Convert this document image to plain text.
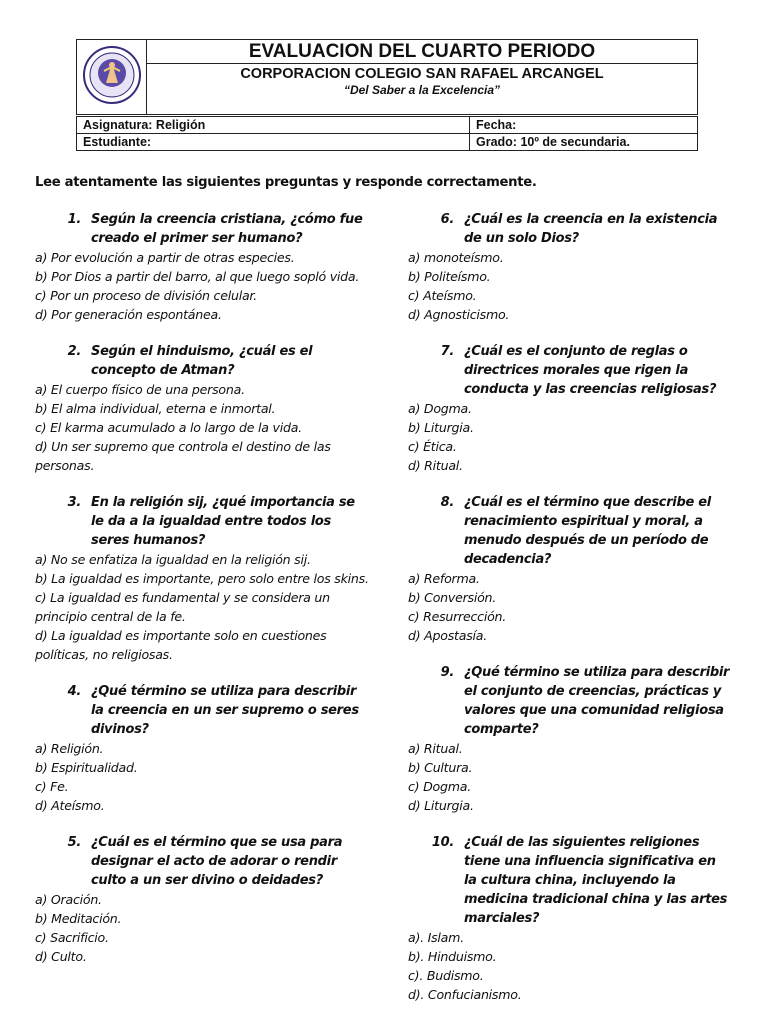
EVALUACION DEL CUARTO PERIODO
CORPORACION COLEGIO SAN RAFAEL ARCANGEL
“Del Saber a la Excelencia”
Asignatura: Religión	Fecha:
Estudiante:	Grado: 10º de secundaria.
Lee atentamente las siguientes preguntas y responde correctamente.
1. Según la creencia cristiana, ¿cómo fue creado el primer ser humano?
a) Por evolución a partir de otras especies.
b) Por Dios a partir del barro, al que luego sopló vida.
c) Por un proceso de división celular.
d) Por generación espontánea.
2. Según el hinduismo, ¿cuál es el concepto de Atman?
a) El cuerpo físico de una persona.
b) El alma individual, eterna e inmortal.
c) El karma acumulado a lo largo de la vida.
d) Un ser supremo que controla el destino de las personas.
3. En la religión sij, ¿qué importancia se le da a la igualdad entre todos los seres humanos?
a) No se enfatiza la igualdad en la religión sij.
b) La igualdad es importante, pero solo entre los skins.
c) La igualdad es fundamental y se considera un principio central de la fe.
d) La igualdad es importante solo en cuestiones políticas, no religiosas.
4. ¿Qué término se utiliza para describir la creencia en un ser supremo o seres divinos?
a) Religión.
b) Espiritualidad.
c) Fe.
d) Ateísmo.
5. ¿Cuál es el término que se usa para designar el acto de adorar o rendir culto a un ser divino o deidades?
a) Oración.
b) Meditación.
c) Sacrificio.
d) Culto.
6. ¿Cuál es la creencia en la existencia de un solo Dios?
a) monoteísmo.
b) Politeísmo.
c) Ateísmo.
d) Agnosticismo.
7. ¿Cuál es el conjunto de reglas o directrices morales que rigen la conducta y las creencias religiosas?
a) Dogma.
b) Liturgia.
c) Ética.
d) Ritual.
8. ¿Cuál es el término que describe el renacimiento espiritual y moral, a menudo después de un período de decadencia?
a) Reforma.
b) Conversión.
c) Resurrección.
d) Apostasía.
9. ¿Qué término se utiliza para describir el conjunto de creencias, prácticas y valores que una comunidad religiosa comparte?
a) Ritual.
b) Cultura.
c) Dogma.
d) Liturgia.
10. ¿Cuál de las siguientes religiones tiene una influencia significativa en la cultura china, incluyendo la medicina tradicional china y las artes marciales?
a). Islam.
b). Hinduismo.
c). Budismo.
d). Confucianismo.
